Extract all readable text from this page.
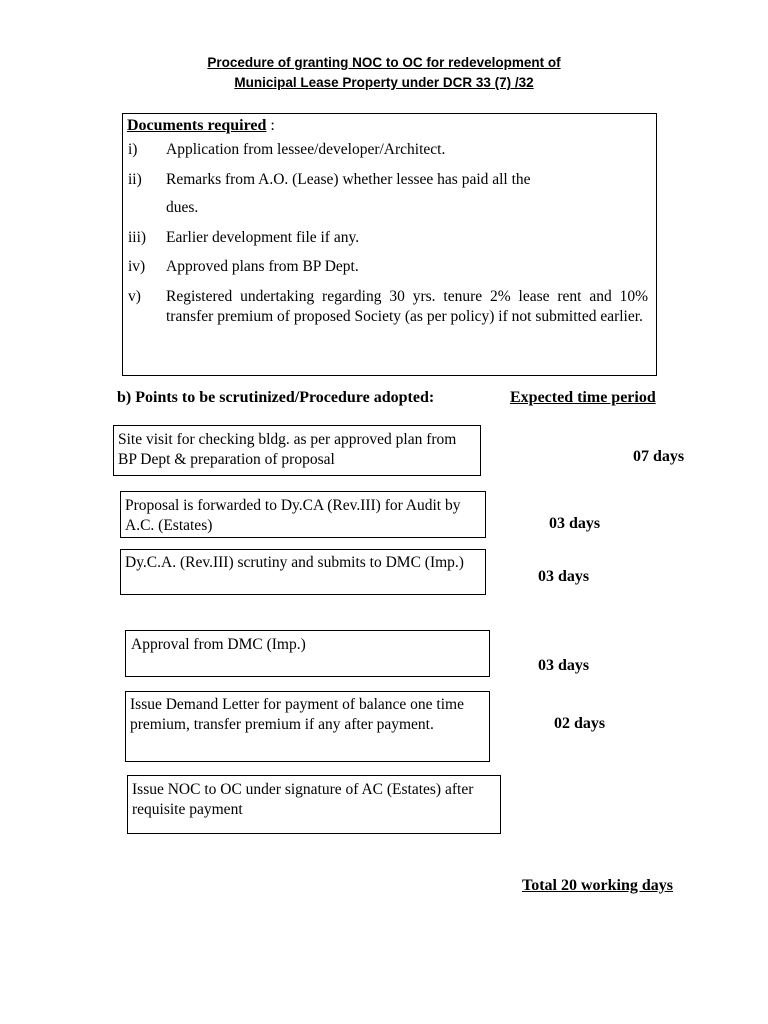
Procedure of granting NOC to OC for redevelopment of
Municipal Lease Property under DCR 33 (7) /32
Documents required :
i) Application from lessee/developer/Architect.
ii) Remarks from A.O. (Lease) whether lessee has paid all the
dues.
iii) Earlier development file if any.
iv) Approved plans from BP Dept.
v) Registered undertaking regarding 30 yrs. tenure 2% lease rent and 10% transfer premium of proposed Society (as per policy) if not submitted earlier.
b) Points to be scrutinized/Procedure adopted:	Expected time period
Site visit for checking bldg. as per approved plan from BP Dept & preparation of proposal
Proposal is forwarded to Dy.CA (Rev.III) for Audit by A.C. (Estates)
Dy.C.A. (Rev.III) scrutiny and submits to DMC (Imp.)
Approval from DMC (Imp.)
Issue Demand Letter for payment of balance one time premium, transfer premium if any after payment.
Issue NOC to OC under signature of AC (Estates) after requisite payment
07 days
03 days
03 days
03 days
02 days
Total 20 working days
